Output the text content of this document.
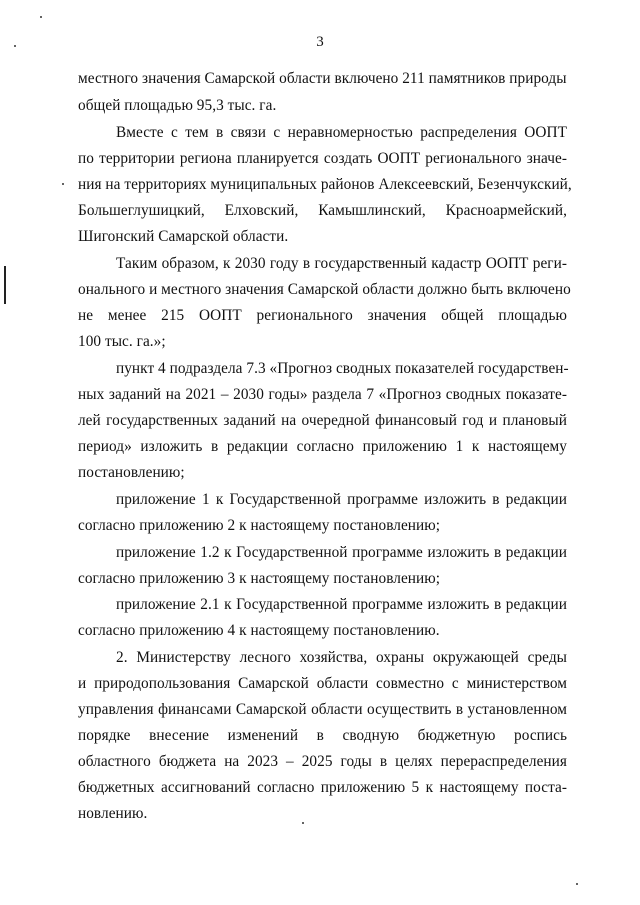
3
местного значения Самарской области включено 211 памятников природы
общей площадью 95,3 тыс. га.
Вместе с тем в связи с неравномерностью распределения ООПТ
по территории региона планируется создать ООПТ регионального значе-
ния на территориях муниципальных районов Алексеевский, Безенчукский,
Большеглушицкий, Елховский, Камышлинский, Красноармейский,
Шигонский Самарской области.
Таким образом, к 2030 году в государственный кадастр ООПТ реги-
онального и местного значения Самарской области должно быть включено
не менее 215 ООПТ регионального значения общей площадью
100 тыс. га.»;
пункт 4 подраздела 7.3 «Прогноз сводных показателей государствен-
ных заданий на 2021 – 2030 годы» раздела 7 «Прогноз сводных показате-
лей государственных заданий на очередной финансовый год и плановый
период» изложить в редакции согласно приложению 1 к настоящему
постановлению;
приложение 1 к Государственной программе изложить в редакции
согласно приложению 2 к настоящему постановлению;
приложение 1.2 к Государственной программе изложить в редакции
согласно приложению 3 к настоящему постановлению;
приложение 2.1 к Государственной программе изложить в редакции
согласно приложению 4 к настоящему постановлению.
2. Министерству лесного хозяйства, охраны окружающей среды
и природопользования Самарской области совместно с министерством
управления финансами Самарской области осуществить в установленном
порядке внесение изменений в сводную бюджетную роспись
областного бюджета на 2023 – 2025 годы в целях перераспределения
бюджетных ассигнований согласно приложению 5 к настоящему поста-
новлению.
